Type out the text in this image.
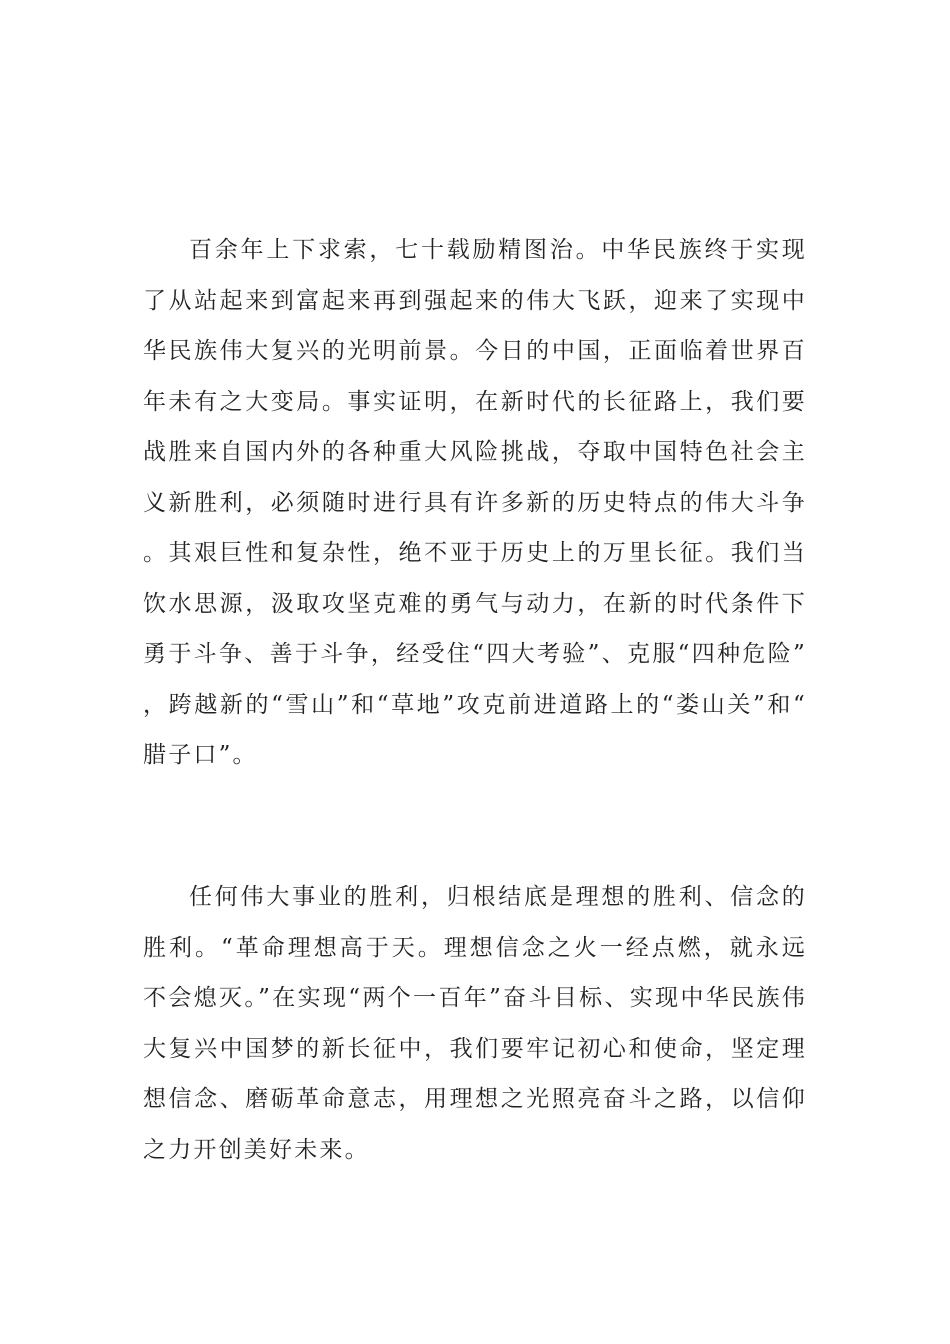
百余年上下求索，七十载励精图治。中华民族终于实现了从站起来到富起来再到强起来的伟大飞跃，迎来了实现中华民族伟大复兴的光明前景。今日的中国，正面临着世界百年未有之大变局。事实证明，在新时代的长征路上，我们要战胜来自国内外的各种重大风险挑战，夺取中国特色社会主义新胜利，必须随时进行具有许多新的历史特点的伟大斗争。其艰巨性和复杂性，绝不亚于历史上的万里长征。我们当饮水思源，汲取攻坚克难的勇气与动力，在新的时代条件下勇于斗争、善于斗争，经受住“四大考验”、克服“四种危险”，跨越新的“雪山”和“草地”攻克前进道路上的“娄山关”和“腊子口”。

任何伟大事业的胜利，归根结底是理想的胜利、信念的胜利。“革命理想高于天。理想信念之火一经点燃，就永远不会熄灭。”在实现“两个一百年”奋斗目标、实现中华民族伟大复兴中国梦的新长征中，我们要牢记初心和使命，坚定理想信念、磨砺革命意志，用理想之光照亮奋斗之路，以信仰之力开创美好未来。
